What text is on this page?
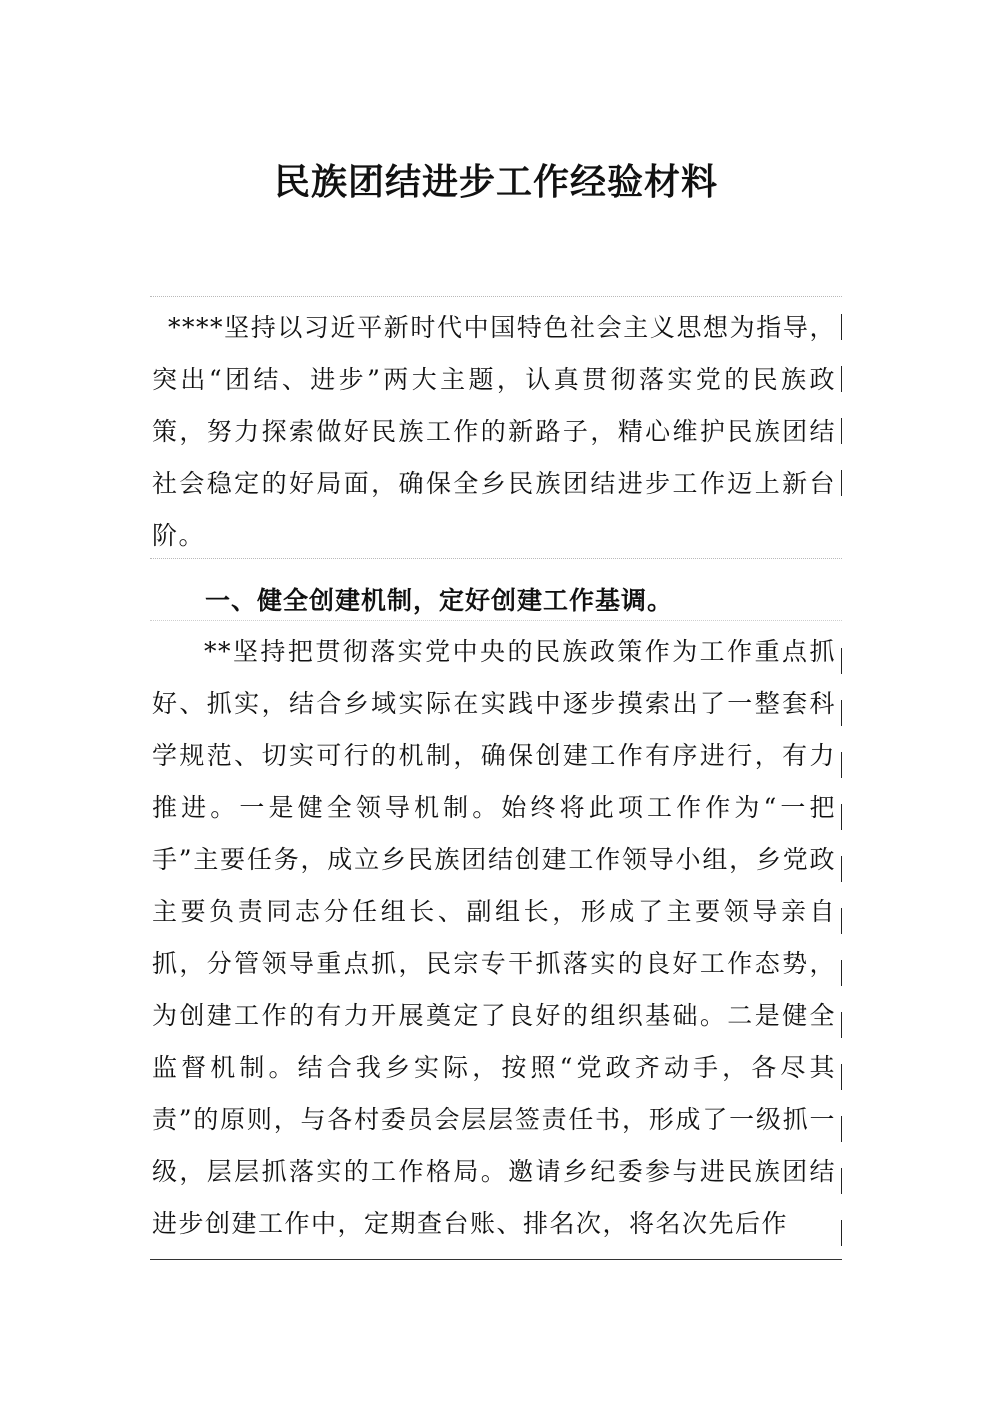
民族团结进步工作经验材料

****坚持以习近平新时代中国特色社会主义思想为指导，突出“团结、进步”两大主题，认真贯彻落实党的民族政策，努力探索做好民族工作的新路子，精心维护民族团结社会稳定的好局面，确保全乡民族团结进步工作迈上新台阶。

一、健全创建机制，定好创建工作基调。

**坚持把贯彻落实党中央的民族政策作为工作重点抓好、抓实，结合乡域实际在实践中逐步摸索出了一整套科学规范、切实可行的机制，确保创建工作有序进行，有力推进。一是健全领导机制。始终将此项工作作为“一把手”主要任务，成立乡民族团结创建工作领导小组，乡党政主要负责同志分任组长、副组长，形成了主要领导亲自抓，分管领导重点抓，民宗专干抓落实的良好工作态势，为创建工作的有力开展奠定了良好的组织基础。二是健全监督机制。结合我乡实际，按照“党政齐动手，各尽其责”的原则，与各村委员会层层签责任书，形成了一级抓一级，层层抓落实的工作格局。邀请乡纪委参与进民族团结进步创建工作中，定期查台账、排名次，将名次先后作
